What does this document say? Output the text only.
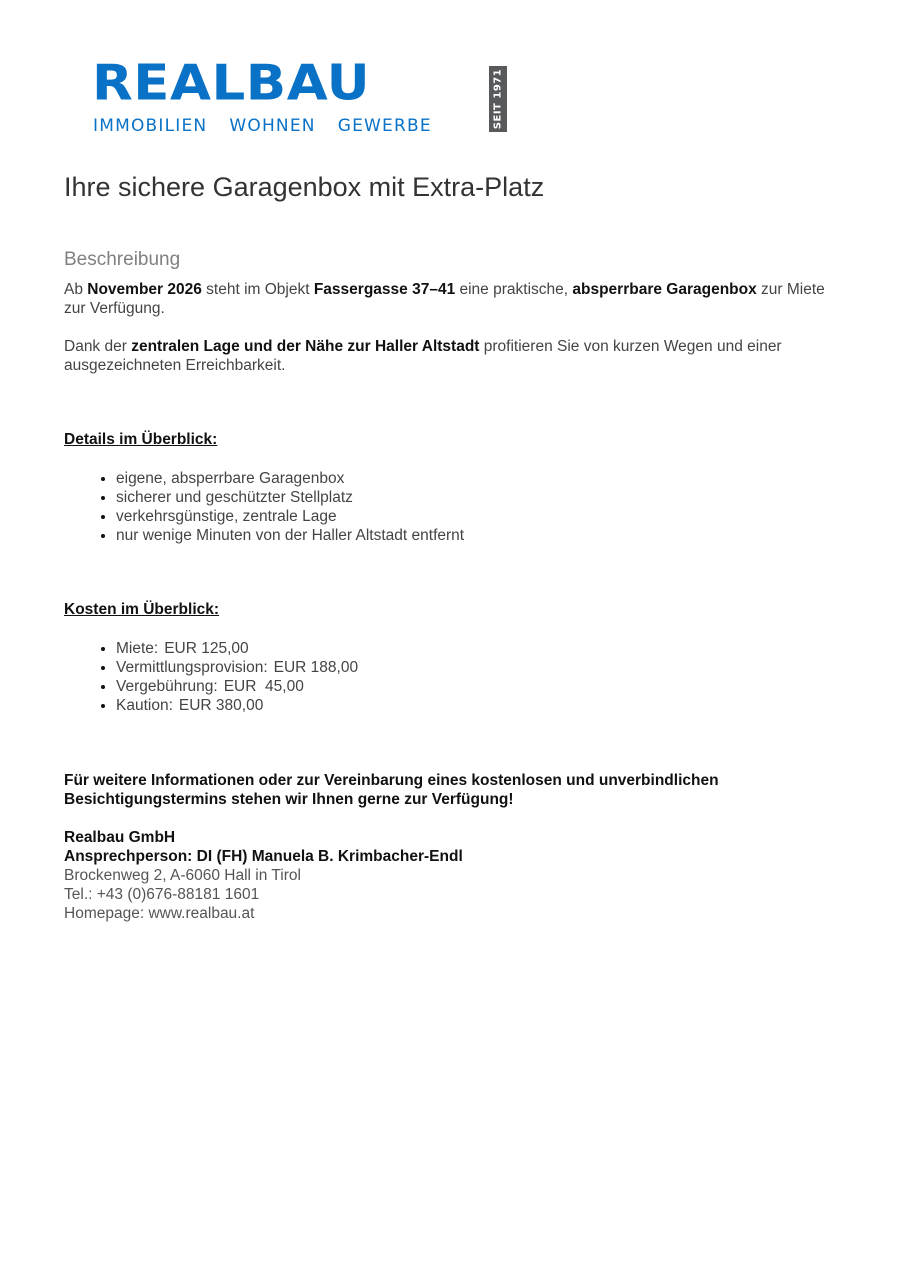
REALBAU
IMMOBILIEN WOHNEN GEWERBE	SEIT 1971
Ihre sichere Garagenbox mit Extra-Platz
Beschreibung

Ab November 2026 steht im Objekt Fassergasse 37–41 eine praktische, absperrbare Garagenbox zur Miete zur Verfügung.

Dank der zentralen Lage und der Nähe zur Haller Altstadt profitieren Sie von kurzen Wegen und einer ausgezeichneten Erreichbarkeit.

Details im Überblick:
• eigene, absperrbare Garagenbox
• sicherer und geschützter Stellplatz
• verkehrsgünstige, zentrale Lage
• nur wenige Minuten von der Haller Altstadt entfernt
Kosten im Überblick:
• Miete: EUR 125,00
• Vermittlungsprovision: EUR 188,00
• Vergebührung: EUR  45,00
• Kaution: EUR 380,00

Für weitere Informationen oder zur Vereinbarung eines kostenlosen und unverbindlichen Besichtigungstermins stehen wir Ihnen gerne zur Verfügung!

Realbau GmbH
Ansprechperson: DI (FH) Manuela B. Krimbacher-Endl
Brockenweg 2, A-6060 Hall in Tirol
Tel.: +43 (0)676-88181 1601
Homepage: www.realbau.at
